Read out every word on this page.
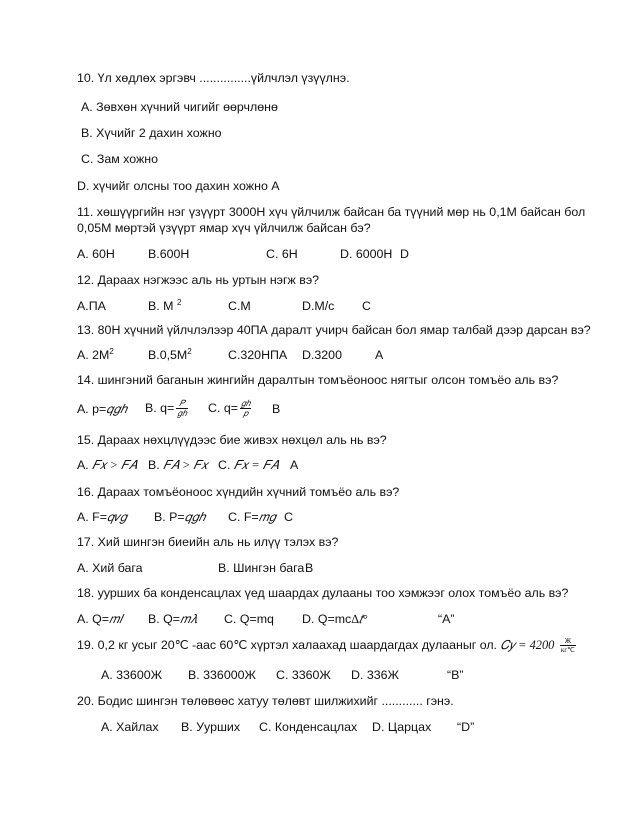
10. Үл хөдлөх эргэвч ...............үйлчлэл үзүүлнэ.
А. Зөвхөн хүчний чигийг өөрчлөнө
В. Хүчийг 2 дахин хожно
С. Зам хожно
D. хүчийг олсны тоо дахин хожно А
11. хөшүүргийн нэг үзүүрт 3000Н хүч үйлчилж байсан ба түүний мөр нь 0,1М байсан бол
0,05М мөртэй үзүүрт ямар хүч үйлчилж байсан бэ?
А. 60Н	В.600Н	С. 6Н	D. 6000Н D
12. Дараах нэгжээс аль нь уртын нэгж вэ?
А.ПА	В. М $^2$	С.М	D.М/с С
13. 80Н хүчний үйлчлэлээр 40ПА даралт учирч байсан бол ямар талбай дээр дарсан вэ?
А. $2М^2$	$В.0,5М^2$	С.320НПА D.3200	А
14. шингэний баганын жингийн даралтын томъёоноос нягтыг олсон томъёо аль вэ?
А. p=𝑞𝑔ℎ В. $q= \frac{\text{𝑃}}{\text{𝑔ℎ}} С$. $q= \frac{\text{𝑔ℎ}}{\text{𝑝}}$ В
15. Дараах нөхцлүүдээс бие живэх нөхцөл аль нь вэ?
А. 𝐹𝑥 > 𝐹𝐴 В. 𝐹𝐴 > 𝐹𝑥 С. 𝐹𝑥 = 𝐹𝐴 А
16. Дараах томъёоноос хүндийн хүчний томъёо аль вэ?
А. F=𝑞𝑣𝑔 В. P=𝑞𝑔ℎ С. F=𝑚𝑔 С
17. Хий шингэн биеийн аль нь илүү тэлэх вэ?
А. Хий бага	В. Шингэн бага В
18. уурших ба конденсацлах үед шаардах дулааны тоо хэмжээг олох томъёо аль вэ?
А. Q=𝑚𝑙 В. Q=𝑚𝜆 С. Q=mq D. Q=mc∆𝑡°	“A”
19. 0,2 кг усыг 20℃ -аас 60℃ хүртэл халаахад шаардагдах дулааныг ол. 𝐶𝑦 = $4200 \frac{Ж}{кг℃}$
А. 33600Ж В. 336000Ж С. 3360Ж D. 336Ж	“B”
20. Бодис шингэн төлөвөөс хатуу төлөвт шилжихийг ............ гэнэ.
А. Хайлах В. Уурших С. Конденсацлах D. Царцах “D”
